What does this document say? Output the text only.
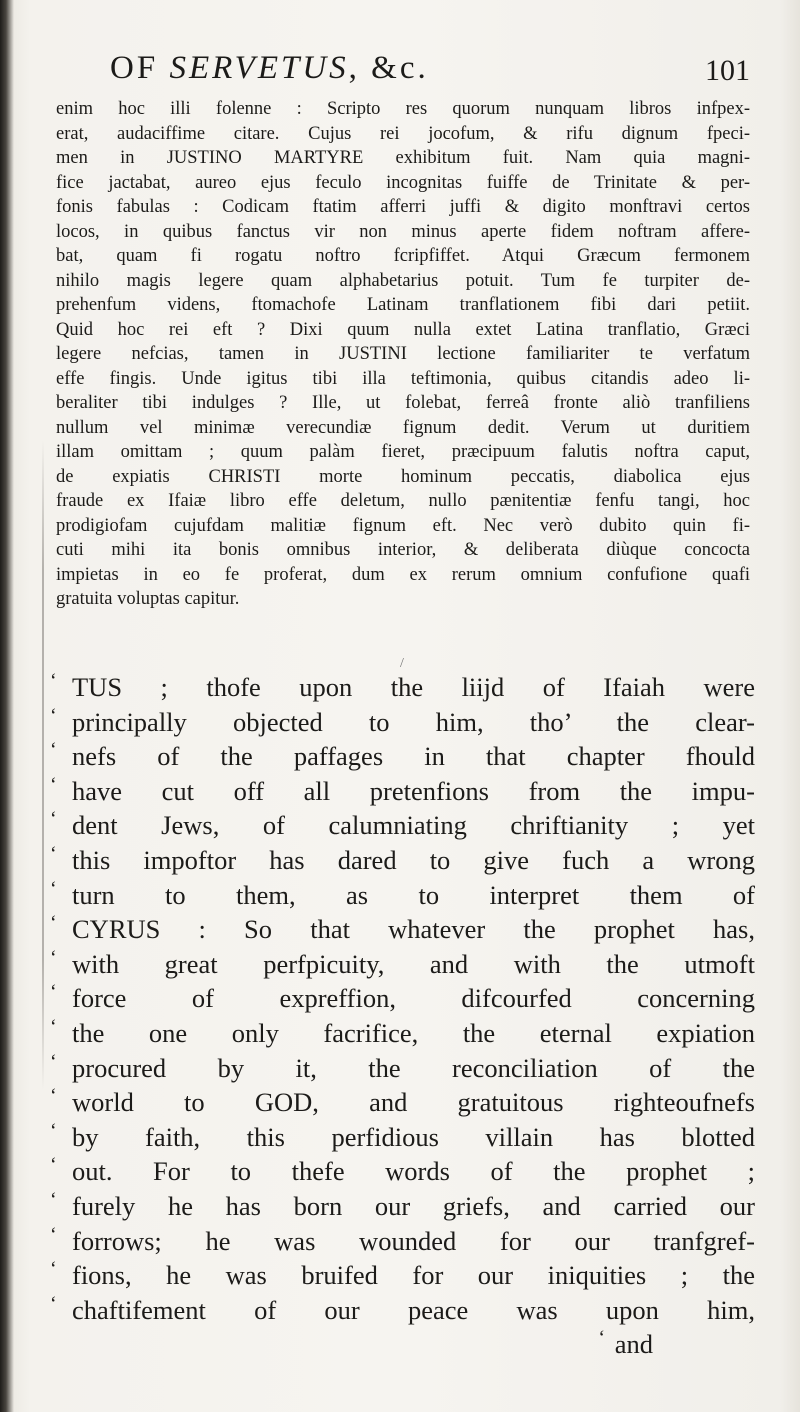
OF SERVETUS, &c.	101
enim hoc illi folenne : Scripto res quorum nunquam libros infpex-
erat, audaciffime citare. Cujus rei jocofum, & rifu dignum fpeci-
men in JUSTINO MARTYRE exhibitum fuit. Nam quia magni-
fice jactabat, aureo ejus feculo incognitas fuiffe de Trinitate & per-
fonis fabulas : Codicam ftatim afferri juffi & digito monftravi certos
locos, in quibus fanctus vir non minus aperte fidem noftram affere-
bat, quam fi rogatu noftro fcripfiffet. Atqui Græcum fermonem
nihilo magis legere quam alphabetarius potuit. Tum fe turpiter de-
prehenfum videns, ftomachofe Latinam tranflationem fibi dari petiit.
Quid hoc rei eft ? Dixi quum nulla extet Latina tranflatio, Græci
legere nefcias, tamen in JUSTINI lectione familiariter te verfatum
effe fingis. Unde igitus tibi illa teftimonia, quibus citandis adeo li-
beraliter tibi indulges ? Ille, ut folebat, ferreâ fronte aliò tranfiliens
nullum vel minimæ verecundiæ fignum dedit. Verum ut duritiem
illam omittam ; quum palàm fieret, præcipuum falutis noftra caput,
de expiatis CHRISTI morte hominum peccatis, diabolica ejus
fraude ex Ifaiæ libro effe deletum, nullo pænitentiæ fenfu tangi, hoc
prodigiofam cujufdam malitiæ fignum eft. Nec verò dubito quin fi-
cuti mihi ita bonis omnibus interior, & deliberata diùque concocta
impietas in eo fe proferat, dum ex rerum omnium confufione quafi
gratuita voluptas capitur.
/
‘ TUS ; thofe upon the liijd of Ifaiah were
‘ principally objected to him, tho’ the clear-
‘ nefs of the paffages in that chapter fhould
‘ have cut off all pretenfions from the impu-
‘ dent Jews, of calumniating chriftianity ; yet
‘ this impoftor has dared to give fuch a wrong
‘ turn to them, as to interpret them of
‘ CYRUS : So that whatever the prophet has,
‘ with great perfpicuity, and with the utmoft
‘ force of expreffion, difcourfed concerning
‘ the one only facrifice, the eternal expiation
‘ procured by it, the reconciliation of the
‘ world to GOD, and gratuitous righteoufnefs
‘ by faith, this perfidious villain has blotted
‘ out. For to thefe words of the prophet ;
‘ furely he has born our griefs, and carried our
‘ forrows; he was wounded for our tranfgref-
‘ fions, he was bruifed for our iniquities ; the
‘ chaftifement of our peace was upon him,
‘ and
